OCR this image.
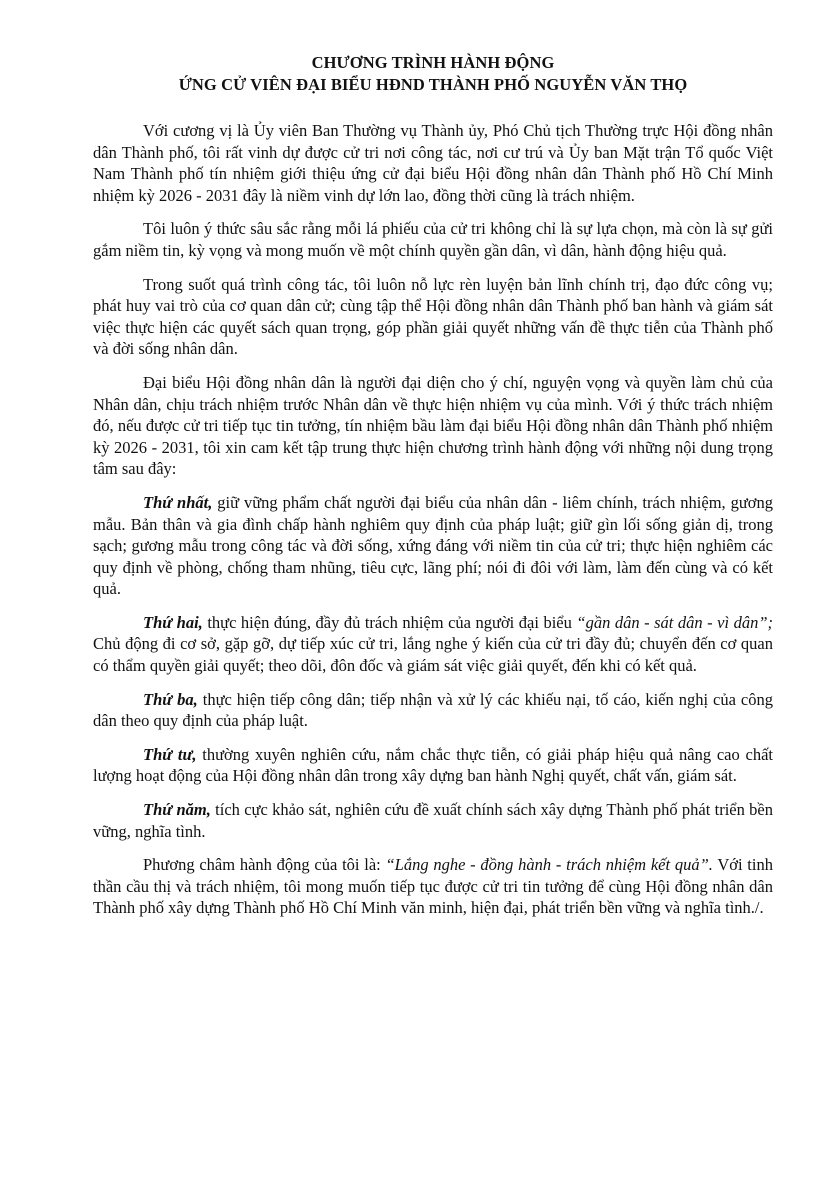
CHƯƠNG TRÌNH HÀNH ĐỘNG
ỨNG CỬ VIÊN ĐẠI BIỂU HĐND THÀNH PHỐ NGUYỄN VĂN THỌ

Với cương vị là Ủy viên Ban Thường vụ Thành ủy, Phó Chủ tịch Thường trực Hội đồng nhân dân Thành phố, tôi rất vinh dự được cử tri nơi công tác, nơi cư trú và Ủy ban Mặt trận Tổ quốc Việt Nam Thành phố tín nhiệm giới thiệu ứng cử đại biểu Hội đồng nhân dân Thành phố Hồ Chí Minh nhiệm kỳ 2026 - 2031 đây là niềm vinh dự lớn lao, đồng thời cũng là trách nhiệm.

Tôi luôn ý thức sâu sắc rằng mỗi lá phiếu của cử tri không chỉ là sự lựa chọn, mà còn là sự gửi gắm niềm tin, kỳ vọng và mong muốn về một chính quyền gần dân, vì dân, hành động hiệu quả.

Trong suốt quá trình công tác, tôi luôn nỗ lực rèn luyện bản lĩnh chính trị, đạo đức công vụ; phát huy vai trò của cơ quan dân cử; cùng tập thể Hội đồng nhân dân Thành phố ban hành và giám sát việc thực hiện các quyết sách quan trọng, góp phần giải quyết những vấn đề thực tiễn của Thành phố và đời sống nhân dân.

Đại biểu Hội đồng nhân dân là người đại diện cho ý chí, nguyện vọng và quyền làm chủ của Nhân dân, chịu trách nhiệm trước Nhân dân về thực hiện nhiệm vụ của mình. Với ý thức trách nhiệm đó, nếu được cử tri tiếp tục tin tưởng, tín nhiệm bầu làm đại biểu Hội đồng nhân dân Thành phố nhiệm kỳ 2026 - 2031, tôi xin cam kết tập trung thực hiện chương trình hành động với những nội dung trọng tâm sau đây:

Thứ nhất, giữ vững phẩm chất người đại biểu của nhân dân - liêm chính, trách nhiệm, gương mẫu. Bản thân và gia đình chấp hành nghiêm quy định của pháp luật; giữ gìn lối sống giản dị, trong sạch; gương mẫu trong công tác và đời sống, xứng đáng với niềm tin của cử tri; thực hiện nghiêm các quy định về phòng, chống tham nhũng, tiêu cực, lãng phí; nói đi đôi với làm, làm đến cùng và có kết quả.

Thứ hai, thực hiện đúng, đầy đủ trách nhiệm của người đại biểu “gần dân - sát dân - vì dân”; Chủ động đi cơ sở, gặp gỡ, dự tiếp xúc cử tri, lắng nghe ý kiến của cử tri đầy đủ; chuyển đến cơ quan có thẩm quyền giải quyết; theo dõi, đôn đốc và giám sát việc giải quyết, đến khi có kết quả.

Thứ ba, thực hiện tiếp công dân; tiếp nhận và xử lý các khiếu nại, tố cáo, kiến nghị của công dân theo quy định của pháp luật.

Thứ tư, thường xuyên nghiên cứu, nắm chắc thực tiễn, có giải pháp hiệu quả nâng cao chất lượng hoạt động của Hội đồng nhân dân trong xây dựng ban hành Nghị quyết, chất vấn, giám sát.

Thứ năm, tích cực khảo sát, nghiên cứu đề xuất chính sách xây dựng Thành phố phát triển bền vững, nghĩa tình.

Phương châm hành động của tôi là: “Lắng nghe - đồng hành - trách nhiệm kết quả”. Với tinh thần cầu thị và trách nhiệm, tôi mong muốn tiếp tục được cử tri tin tưởng để cùng Hội đồng nhân dân Thành phố xây dựng Thành phố Hồ Chí Minh văn minh, hiện đại, phát triển bền vững và nghĩa tình./.
